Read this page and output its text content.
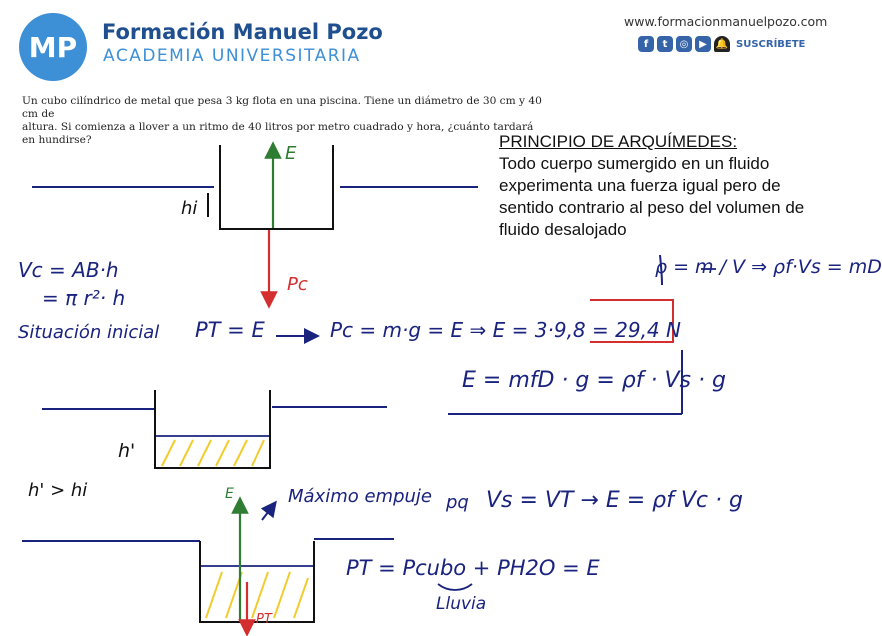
MP Formación Manuel Pozo
ACADEMIA UNIVERSITARIA
www.formacionmanuelpozo.com
f	t	◎	▶ 🔔 SUSCRÍBETE
Un cubo cilíndrico de metal que pesa 3 kg flota en una piscina. Tiene un diámetro de 30 cm y 40 cm de
altura. Si comienza a llover a un ritmo de 40 litros por metro cuadrado y hora, ¿cuánto tardará en hundirse?	PRINCIPIO DE ARQUÍMEDES:
Todo cuerpo sumergido en un fluido experimenta una fuerza igual pero de sentido contrario al peso del volumen de fluido desalojado
E
Pc
hi
ρ = m / V ⇒ ρf·Vs = mD
Vc = AB·h
= π r²· h
Situación inicial PT = E	Pc = m·g = E ⇒ E = 3·9,8 = 29,4 N
E = mfD · g = ρf · Vs · g
h'
h' > hi	E	Máximo empuje pq Vs = VT → E = ρf Vc · g
PT = Pcubo + PH2O = E
Lluvia
PT
